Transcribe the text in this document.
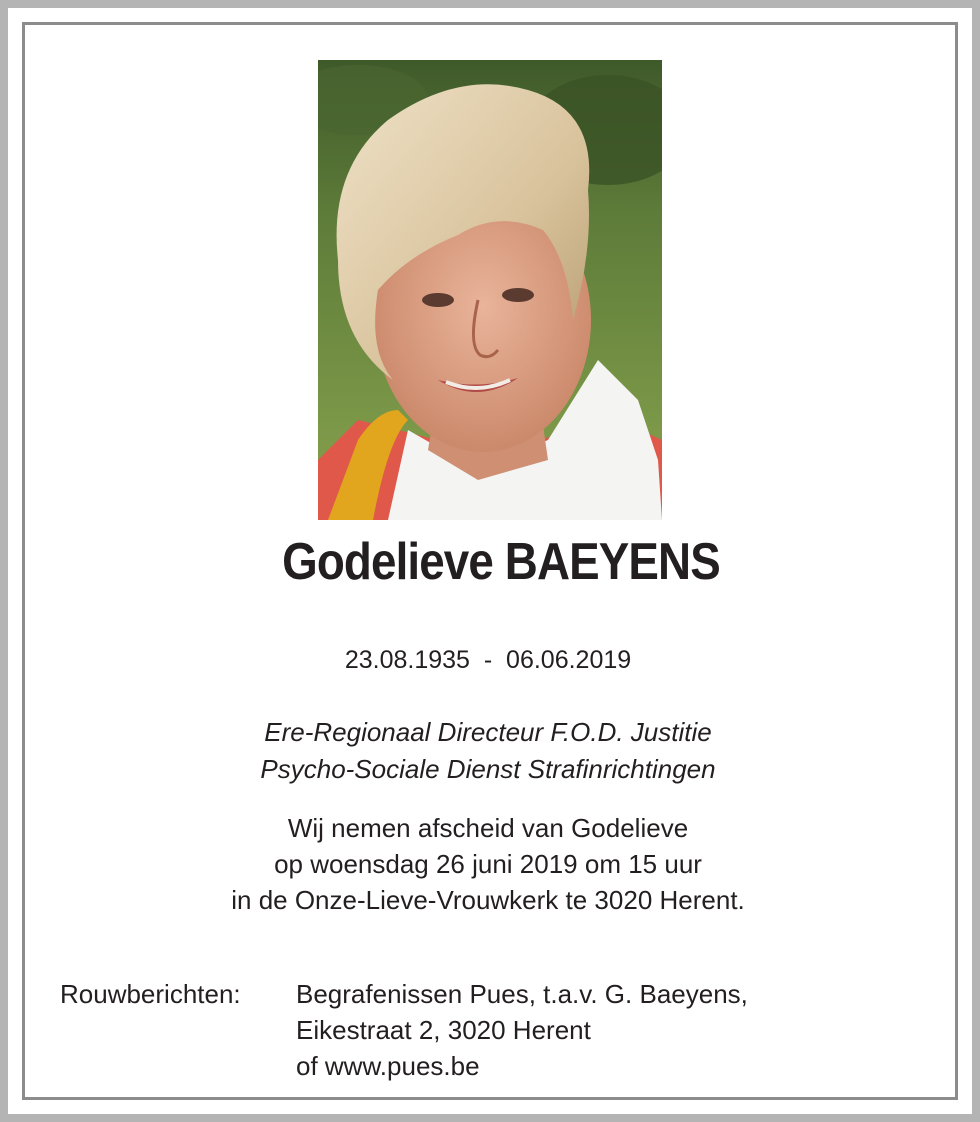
Godelieve BAEYENS
23.08.1935  -  06.06.2019
Ere-Regionaal Directeur F.O.D. Justitie
Psycho-Sociale Dienst Strafinrichtingen
Wij nemen afscheid van Godelieve
op woensdag 26 juni 2019 om 15 uur
in de Onze-Lieve-Vrouwkerk te 3020 Herent.
Rouwberichten: Begrafenissen Pues, t.a.v. G. Baeyens,
Eikestraat 2, 3020 Herent
of www.pues.be
